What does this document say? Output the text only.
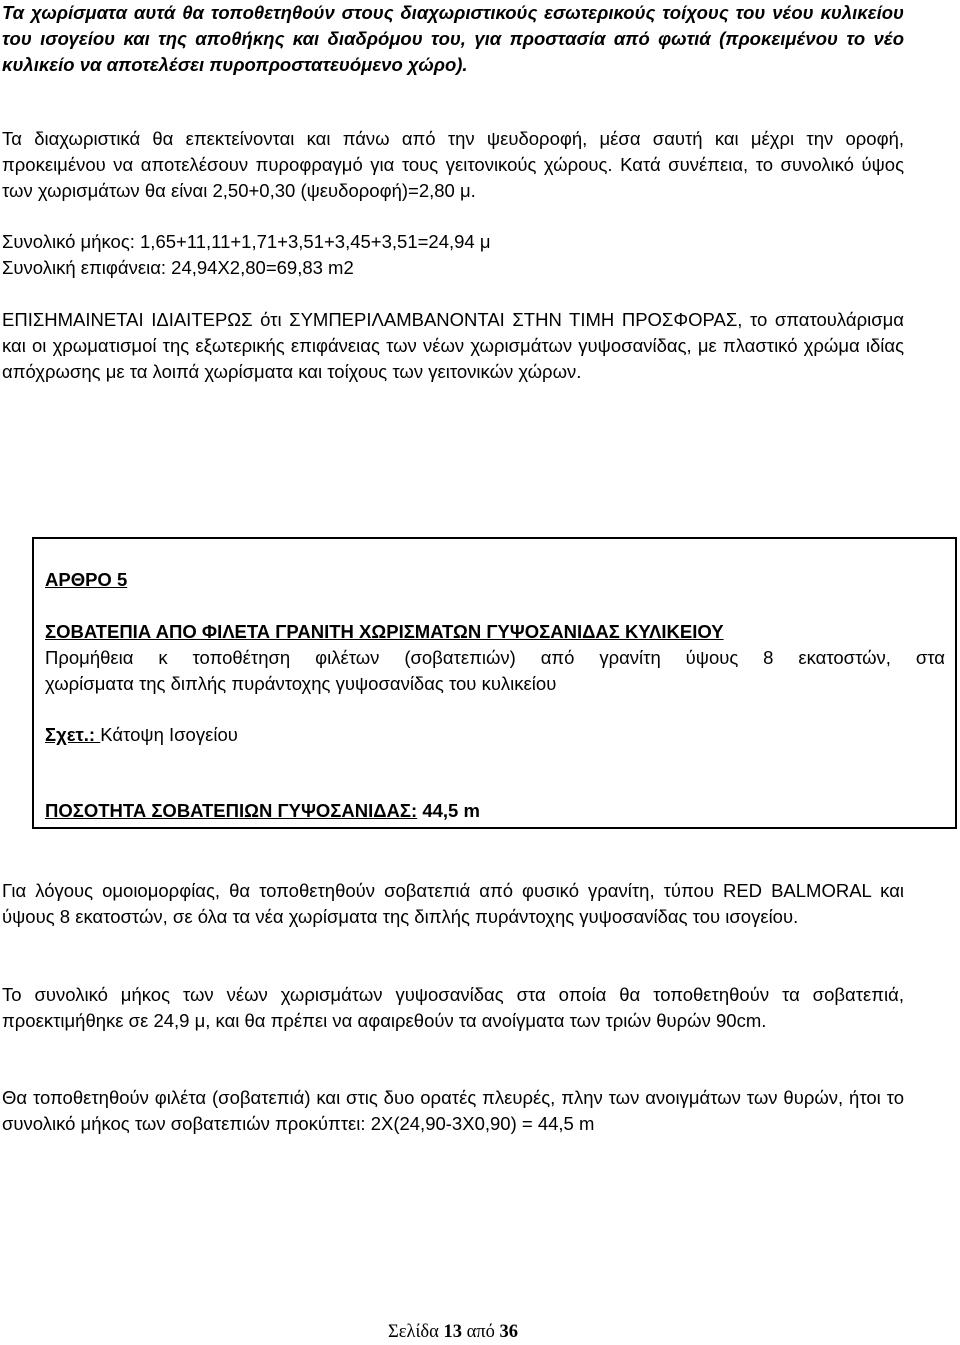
Τα χωρίσματα αυτά θα τοποθετηθούν στους διαχωριστικούς εσωτερικούς τοίχους του νέου κυλικείου του ισογείου και της αποθήκης και διαδρόμου του, για προστασία από φωτιά (προκειμένου το νέο κυλικείο να αποτελέσει πυροπροστατευόμενο χώρο).

Τα διαχωριστικά θα επεκτείνονται και πάνω από την ψευδοροφή, μέσα σαυτή και μέχρι την οροφή, προκειμένου να αποτελέσουν πυροφραγμό για τους γειτονικούς χώρους. Κατά συνέπεια, το συνολικό ύψος των χωρισμάτων θα είναι 2,50+0,30 (ψευδοροφή)=2,80 μ.

Συνολικό μήκος: 1,65+11,11+1,71+3,51+3,45+3,51=24,94 μ

Συνολική επιφάνεια: 24,94Χ2,80=69,83 m2

ΕΠΙΣΗΜΑΙΝΕΤΑΙ ΙΔΙΑΙΤΕΡΩΣ ότι ΣΥΜΠΕΡΙΛΑΜΒΑΝΟΝΤΑΙ ΣΤΗΝ ΤΙΜΗ ΠΡΟΣΦΟΡΑΣ, το σπατουλάρισμα και οι χρωματισμοί της εξωτερικής επιφάνειας των νέων χωρισμάτων γυψοσανίδας, με πλαστικό χρώμα ιδίας απόχρωσης με τα λοιπά χωρίσματα και τοίχους των γειτονικών χώρων.

ΑΡΘΡΟ 5

ΣΟΒΑΤΕΠΙΑ ΑΠΟ ΦΙΛΕΤΑ ΓΡΑΝΙΤΗ ΧΩΡΙΣΜΑΤΩΝ ΓΥΨΟΣΑΝΙΔΑΣ ΚΥΛΙΚΕΙΟΥ

Προμήθεια κ τοποθέτηση φιλέτων (σοβατεπιών) από γρανίτη ύψους 8 εκατοστών, στα

χωρίσματα της διπλής πυράντοχης γυψοσανίδας του κυλικείου

Σχετ.: Κάτοψη Ισογείου

ΠΟΣΟΤΗΤΑ ΣΟΒΑΤΕΠΙΩΝ ΓΥΨΟΣΑΝΙΔΑΣ: 44,5 m

Για λόγους ομοιομορφίας, θα τοποθετηθούν σοβατεπιά από φυσικό γρανίτη, τύπου RED BALMORAL και ύψους 8 εκατοστών, σε όλα τα νέα χωρίσματα της διπλής πυράντοχης γυψοσανίδας του ισογείου.

Το συνολικό μήκος των νέων χωρισμάτων γυψοσανίδας στα οποία θα τοποθετηθούν τα σοβατεπιά, προεκτιμήθηκε σε 24,9 μ, και θα πρέπει να αφαιρεθούν τα ανοίγματα των τριών θυρών 90cm.

Θα τοποθετηθούν φιλέτα (σοβατεπιά) και στις δυο ορατές πλευρές, πλην των ανοιγμάτων των θυρών, ήτοι το συνολικό μήκος των σοβατεπιών προκύπτει: 2Χ(24,90-3Χ0,90) = 44,5 m

Σελίδα 13 από 36
